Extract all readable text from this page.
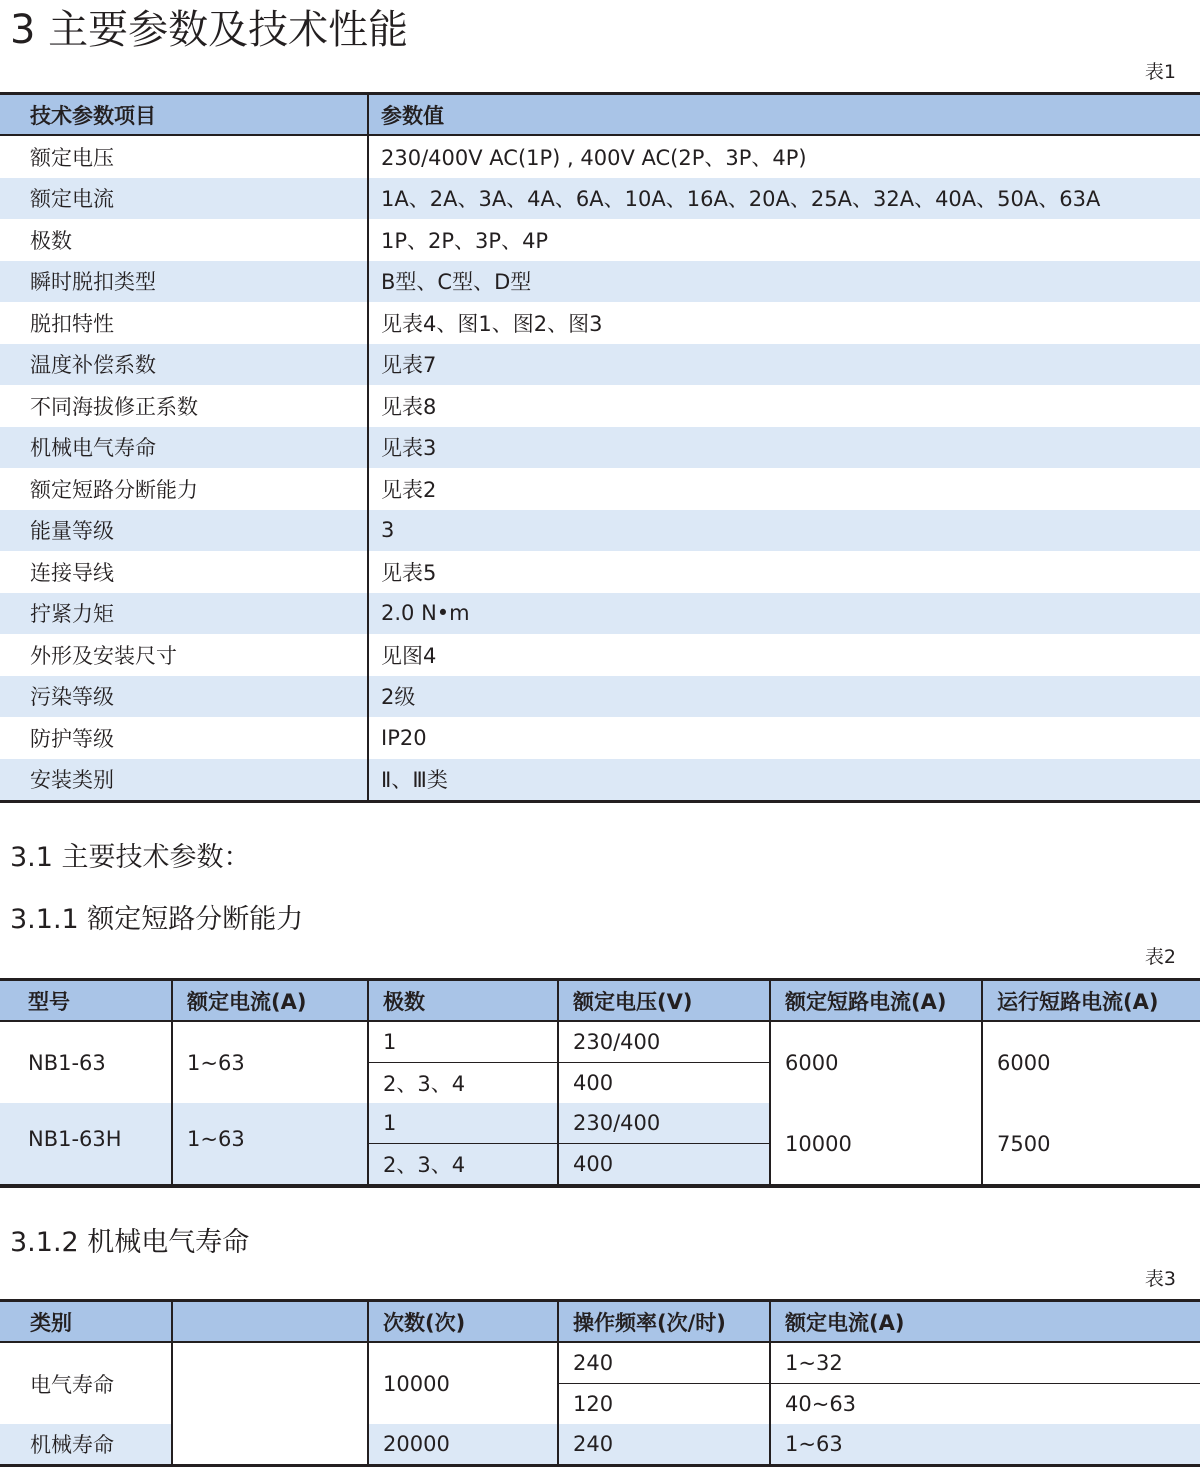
3 主要参数及技术性能
表1
技术参数项目	参数值
额定电压	230/400V AC(1P) , 400V AC(2P、3P、4P)
额定电流	1A、2A、3A、4A、6A、10A、16A、20A、25A、32A、40A、50A、63A
极数	1P、2P、3P、4P
瞬时脱扣类型	B型、C型、D型
脱扣特性	见表4、图1、图2、图3
温度补偿系数	见表7
不同海拔修正系数	见表8
机械电气寿命	见表3
额定短路分断能力	见表2
能量等级	3
连接导线	见表5
拧紧力矩	2.0 N•m
外形及安装尺寸	见图4
污染等级	2级
防护等级	IP20
安装类别	Ⅱ、Ⅲ类
3.1 主要技术参数：
3.1.1 额定短路分断能力
表2
型号	额定电流(A)	极数	额定电压(V)	额定短路电流(A)	运行短路电流(A)
NB1-63	1~63	1	230/400	6000	6000
		2、3、4	400		
NB1-63H	1~63	1	230/400	10000	7500
		2、3、4	400		
3.1.2 机械电气寿命
表3
类别		次数(次)	操作频率(次/时)	额定电流(A)
电气寿命		10000	240	1~32
			120	40~63
机械寿命		20000	240	1~63
